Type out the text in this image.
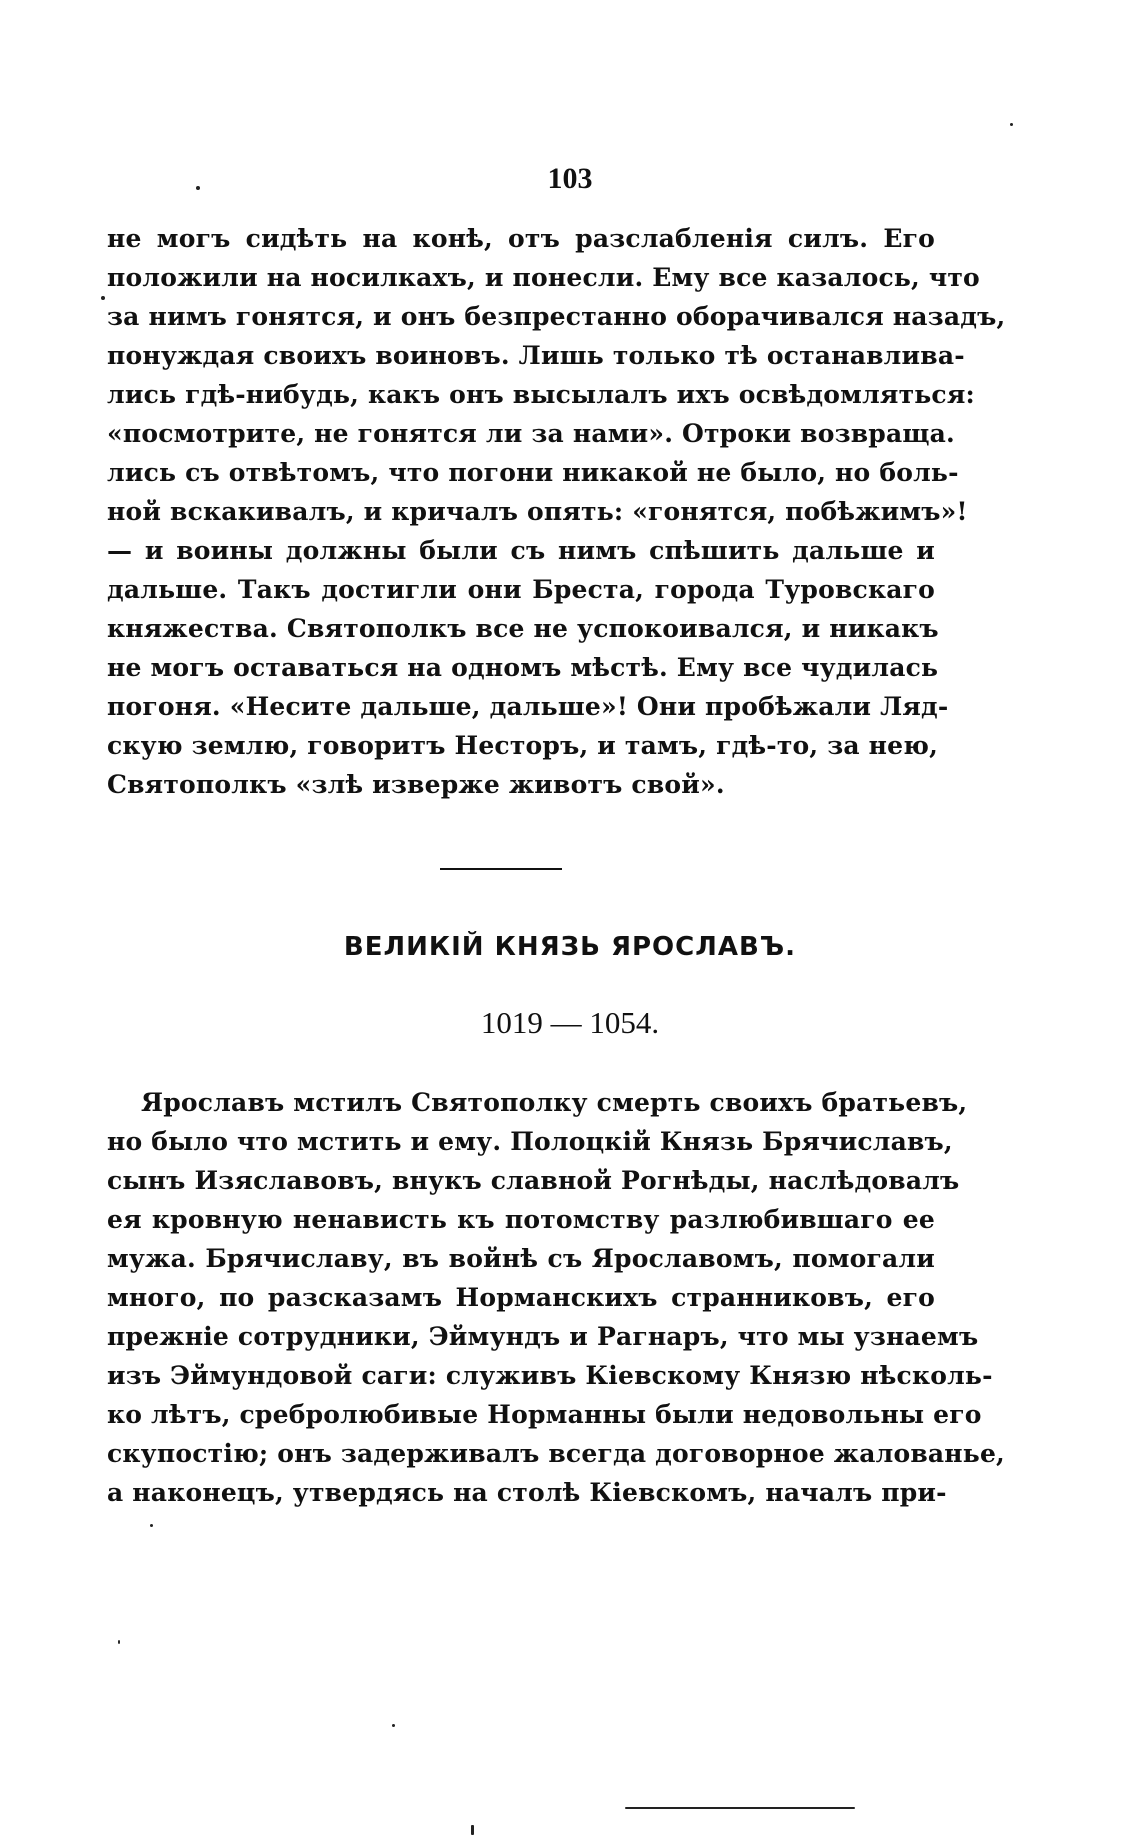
103
не могъ сидѣть на конѣ, отъ разслабленія силъ. Его
положили на носилкахъ, и понесли. Ему все казалось, что
за нимъ гонятся, и онъ безпрестанно оборачивался назадъ,
понуждая своихъ воиновъ. Лишь только тѣ останавлива-
лись гдѣ-нибудь, какъ онъ высылалъ ихъ освѣдомляться:
«посмотрите, не гонятся ли за нами». Отроки возвраща.
лись съ отвѣтомъ, что погони никакой не было, но боль-
ной вскакивалъ, и кричалъ опять: «гонятся, побѣжимъ»!
— и воины должны были съ нимъ спѣшить дальше и
дальше. Такъ достигли они Бреста, города Туровскаго
княжества. Святополкъ все не успокоивался, и никакъ
не могъ оставаться на одномъ мѣстѣ. Ему все чудилась
погоня. «Несите дальше, дальше»! Они пробѣжали Ляд-
скую землю, говоритъ Несторъ, и тамъ, гдѣ-то, за нею,
Святополкъ «злѣ изверже животъ свой».
ВЕЛИКІЙ КНЯЗЬ ЯРОСЛАВЪ.
1019 — 1054.
Ярославъ мстилъ Святополку смерть своихъ братьевъ,
но было что мстить и ему. Полоцкій Князь Брячиславъ,
сынъ Изяславовъ, внукъ славной Рогнѣды, наслѣдовалъ
ея кровную ненависть къ потомству разлюбившаго ее
мужа. Брячиславу, въ войнѣ съ Ярославомъ, помогали
много, по разсказамъ Норманскихъ странниковъ, его
прежніе сотрудники, Эймундъ и Рагнаръ, что мы узнаемъ
изъ Эймундовой саги: служивъ Кіевскому Князю нѣсколь-
ко лѣтъ, сребролюбивые Норманны были недовольны его
скупостію; онъ задерживалъ всегда договорное жалованье,
а наконецъ, утвердясь на столѣ Кіевскомъ, началъ при-
